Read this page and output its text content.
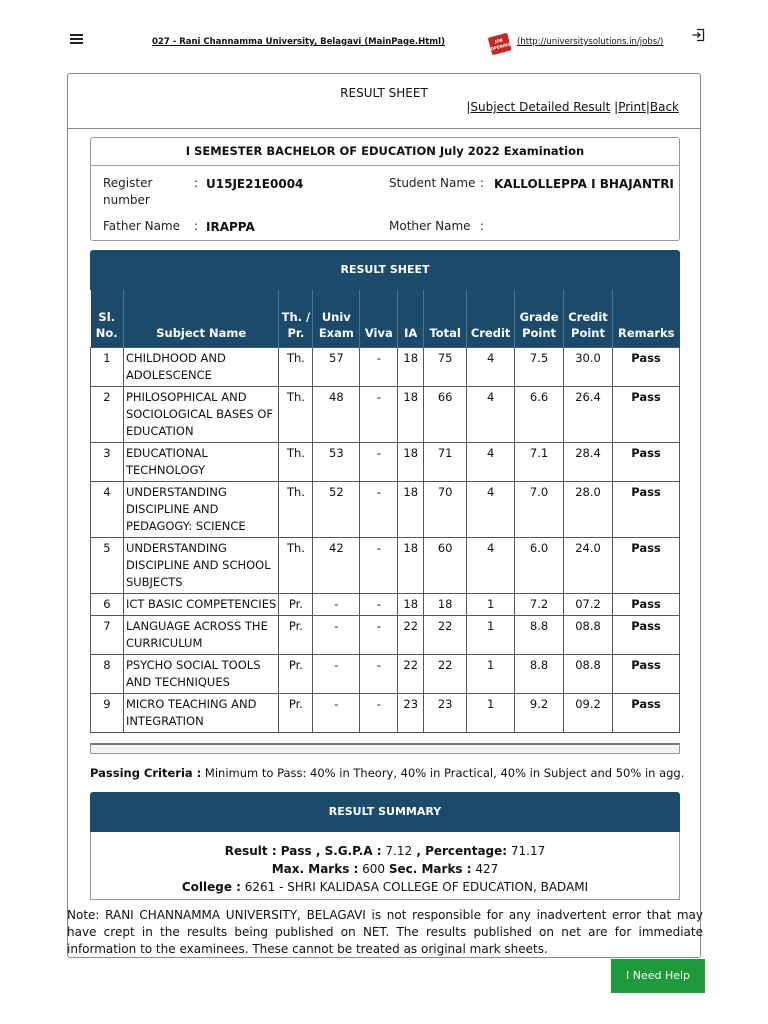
027 - Rani Channamma University, Belagavi (MainPage.Html)	JOB OPENINGS (http://universitysolutions.in/jobs/)
RESULT SHEET
|Subject Detailed Result |Print|Back
I SEMESTER BACHELOR OF EDUCATION July 2022 Examination
Register number
: U15JE21E0004	Student Name : KALLOLLEPPA I BHAJANTRI
Father Name : IRAPPA	Mother Name :
RESULT SHEET
Sl. No.	Subject Name	Th. / Pr.	Univ Exam	Viva	IA	Total	Credit	Grade Point	Credit Point	Remarks
1	CHILDHOOD AND ADOLESCENCE	Th.	57	-	18	75	4	7.5	30.0	Pass
2	PHILOSOPHICAL AND SOCIOLOGICAL BASES OF EDUCATION	Th.	48	-	18	66	4	6.6	26.4	Pass
3	EDUCATIONAL TECHNOLOGY	Th.	53	-	18	71	4	7.1	28.4	Pass
4	UNDERSTANDING DISCIPLINE AND PEDAGOGY: SCIENCE	Th.	52	-	18	70	4	7.0	28.0	Pass
5	UNDERSTANDING DISCIPLINE AND SCHOOL SUBJECTS	Th.	42	-	18	60	4	6.0	24.0	Pass
6	ICT BASIC COMPETENCIES	Pr.	-	-	18	18	1	7.2	07.2	Pass
7	LANGUAGE ACROSS THE CURRICULUM	Pr.	-	-	22	22	1	8.8	08.8	Pass
8	PSYCHO SOCIAL TOOLS AND TECHNIQUES	Pr.	-	-	22	22	1	8.8	08.8	Pass
9	MICRO TEACHING AND INTEGRATION	Pr.	-	-	23	23	1	9.2	09.2	Pass
Passing Criteria : Minimum to Pass: 40% in Theory, 40% in Practical, 40% in Subject and 50% in agg.
RESULT SUMMARY
Result : Pass , S.G.P.A : 7.12 , Percentage: 71.17
Max. Marks : 600 Sec. Marks : 427
College : 6261 - SHRI KALIDASA COLLEGE OF EDUCATION, BADAMI
Note: RANI CHANNAMMA UNIVERSITY, BELAGAVI is not responsible for any inadvertent error that may have crept in the results being published on NET. The results published on net are for immediate information to the examinees. These cannot be treated as original mark sheets.
I Need Help
